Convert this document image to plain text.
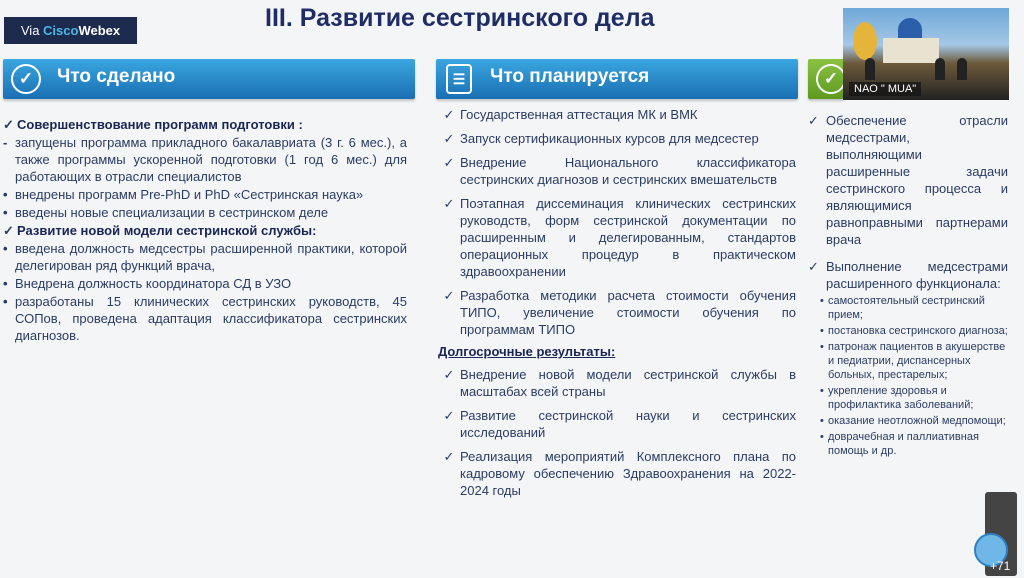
Via CiscoWebex	III. Развитие сестринского дела
✓	Что сделано	☰	Что планируется	✓
✓ Совершенствование программ подготовки :
- запущены программа прикладного бакалавриата (3 г. 6 мес.), а также программы ускоренной подготовки (1 год 6 мес.) для работающих в отрасли специалистов
• внедрены программ Pre-PhD и PhD «Сестринская наука»
• введены новые специализации в сестринском деле
✓ Развитие новой модели сестринской службы:
• введена должность медсестры расширенной практики, которой делегирован ряд функций врача,
• Внедрена должность координатора СД в УЗО
• разработаны 15 клинических сестринских руководств, 45 СОПов, проведена адаптация классификатора сестринских диагнозов.
✓ Государственная аттестация МК и ВМК
✓ Запуск сертификационных курсов для медсестер
✓ Внедрение Национального классификатора сестринских диагнозов и сестринских вмешательств
✓ Поэтапная диссеминация клинических сестринских руководств, форм сестринской документации по расширенным и делегированным, стандартов операционных процедур в практическом здравоохранении
✓ Разработка методики расчета стоимости обучения ТИПО, увеличение стоимости обучения по программам ТИПО
Долгосрочные результаты:
✓ Внедрение новой модели сестринской службы в масштабах всей страны
✓ Развитие сестринской науки и сестринских исследований
✓ Реализация мероприятий Комплексного плана по кадровому обеспечению Здравоохранения на 2022-2024 годы
✓ Обеспечение отрасли медсестрами, выполняющими расширенные задачи сестринского процесса и являющимися равноправными партнерами врача
✓ Выполнение медсестрами расширенного функционала:
• самостоятельный сестринский прием;
• постановка сестринского диагноза;
• патронаж пациентов в акушерстве и педиатрии, диспансерных больных, престарелых;
• укрепление здоровья и профилактика заболеваний;
• оказание неотложной медпомощи;
• доврачебная и паллиативная помощь и др.
NAO " MUA"
+71
